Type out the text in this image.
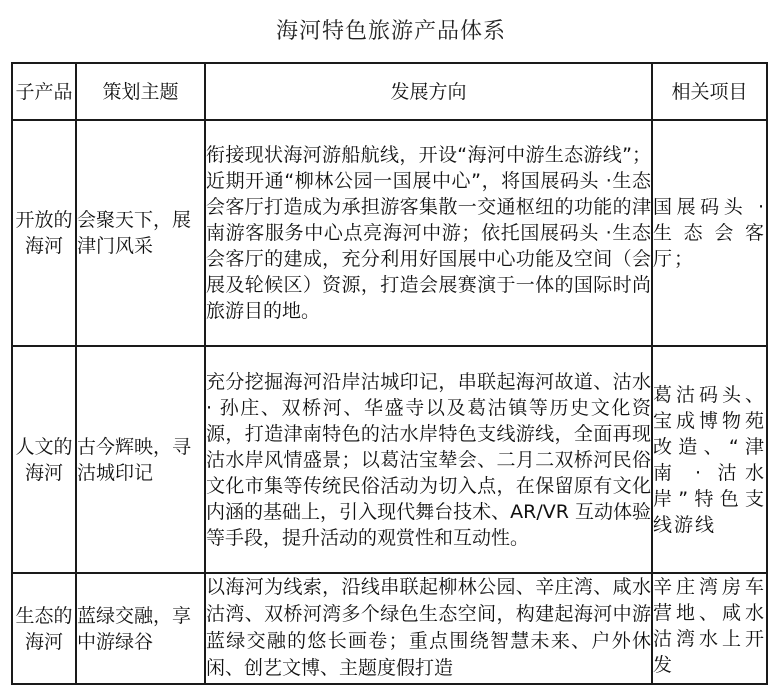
海河特色旅游产品体系
子产品	策划主题	发展方向	相关项目
开放的海河	会聚天下，展津门风采	衔接现状海河游船航线，开设“海河中游生态游线”；近期开通“柳林公园一国展中心”，将国展码头 ·生态会客厅打造成为承担游客集散一交通枢纽的功能的津南游客服务中心点亮海河中游；依托国展码头 ·生态会客厅的建成，充分利用好国展中心功能及空间（会展及轮候区）资源，打造会展赛演于一体的国际时尚旅游目的地。	国展码头 · 生态会客厅；
人文的海河	古今辉映，寻沽城印记	充分挖掘海河沿岸沽城印记，串联起海河故道、沽水 · 孙庄、双桥河、华盛寺以及葛沽镇等历史文化资源，打造津南特色的沽水岸特色支线游线，全面再现沽水岸风情盛景；以葛沽宝辇会、二月二双桥河民俗文化市集等传统民俗活动为切入点，在保留原有文化内涵的基础上，引入现代舞台技术、AR/VR 互动体验等手段，提升活动的观赏性和互动性。	葛沽码头、宝成博物苑改造、“津南 · 沽水岸”特色支线游线
生态的海河	蓝绿交融，享中游绿谷	以海河为线索，沿线串联起柳林公园、辛庄湾、咸水沽湾、双桥河湾多个绿色生态空间，构建起海河中游蓝绿交融的悠长画卷；重点围绕智慧未来、户外休闲、创艺文博、主题度假打造	辛庄湾房车营地、咸水沽湾水上开发
